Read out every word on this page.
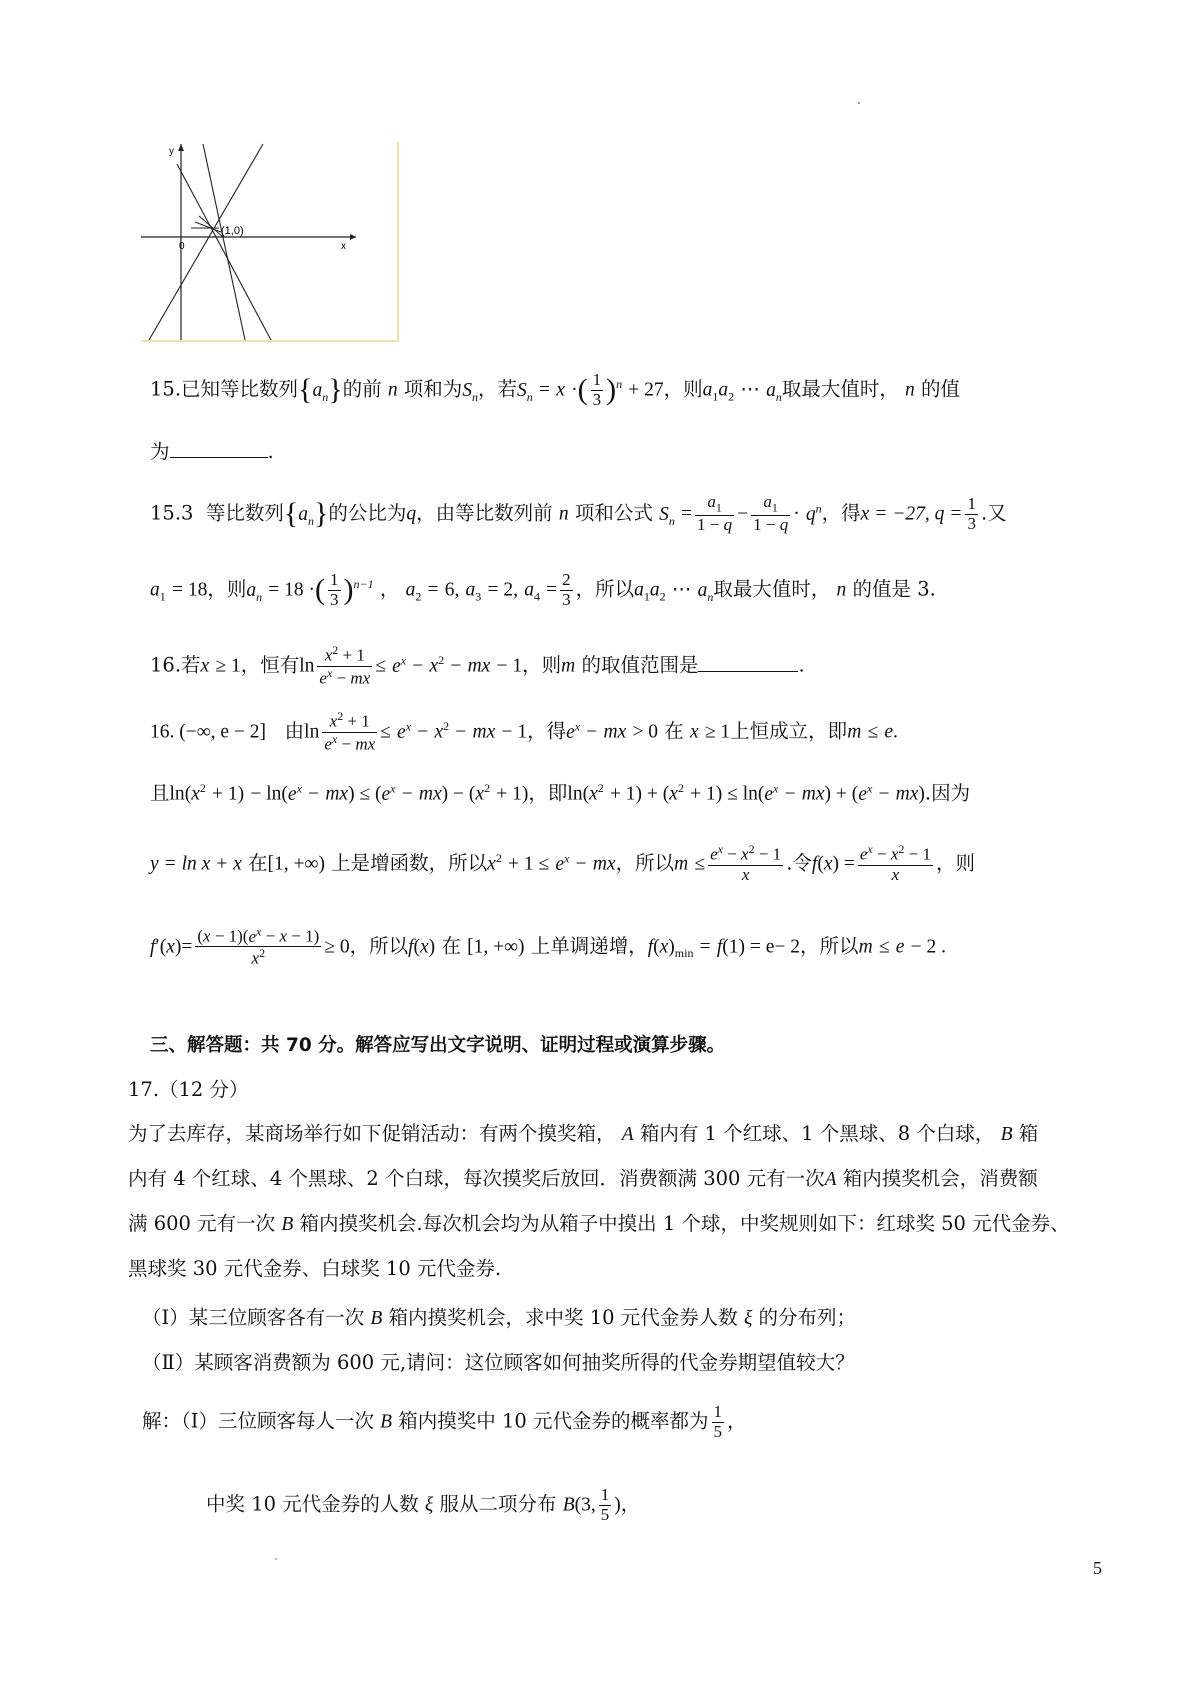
y
x
0
(1,0)
15.已知等比数列$\{a_n\}$的前 n 项和为$S_n$，若$S_n = x$ ·( $\frac{1}{3} )^n + 27$，则$a_1a_2$ ⋯ $a_n$取最大值时， n 的值
为	.
15.3 等比数列$\{a_n\}$的公比为q，由等比数列前 n 项和公式 $S_n = \frac{a_1}{1 - q} - \frac{a_1}{1 - q} \cdot q^n$，得x = −27, $q = \frac{1}{3}$ .又
$a_1 = 18$，则$a_n = 18$ ·( $\frac{1}{3} )^{n-1}$ ， $a_2 = 6$, $a_3 = 2$, $a_4 = \frac{2}{3}$ ，所以$a_1a_2$ ⋯ $a_n$取最大值时， n 的值是 3.
16.若x ≥ 1，恒有$\ln \frac{x^2 + 1}{e^x - mx} \le e^x - x^2$ − mx − 1，则m 的取值范围是	.
16. (−∞, e − 2] 由$\ln \frac{x^2 + 1}{e^x - mx} \le e^x - x^2$ − mx − 1，得$e^x$ − mx > 0 在 x ≥ 1上恒成立，即m ≤ e.
且$\ln(x^2 + 1) - \ln(e^x - mx) \le (e^x - mx) - (x^2 + 1)$，即$\ln(x^2 + 1) + (x^2 + 1) \le \ln(e^x - mx) + (e^x - mx)$.因为
y = ln x + x 在[1, +∞) 上是增函数，所以$x^2 + 1 \le e^x$ − mx，所以$m \le \frac{e^x - x^2 - 1}{x}$ .令$f(x) = \frac{e^x - x^2 - 1}{x}$ ，则
$f'(x)= \frac{(x - 1)(e^x - x - 1)}{x^2} \ge 0$，所以f(x) 在 [1, +∞) 上单调递增，$f(x)_{min} = f(1) = e- 2$，所以m ≤ e − 2 .
三、解答题：共 70 分。解答应写出文字说明、证明过程或演算步骤。
17.（12 分）
为了去库存，某商场举行如下促销活动：有两个摸奖箱， A 箱内有 1 个红球、1 个黑球、8 个白球， B 箱
内有 4 个红球、4 个黑球、2 个白球，每次摸奖后放回．消费额满 300 元有一次A 箱内摸奖机会，消费额
满 600 元有一次 B 箱内摸奖机会.每次机会均为从箱子中摸出 1 个球，中奖规则如下：红球奖 50 元代金券、
黑球奖 30 元代金券、白球奖 10 元代金券.
（Ⅰ）某三位顾客各有一次 B 箱内摸奖机会，求中奖 10 元代金券人数 ξ 的分布列；
（Ⅱ）某顾客消费额为 600 元,请问：这位顾客如何抽奖所得的代金券期望值较大？
解：（Ⅰ）三位顾客每人一次 B 箱内摸奖中 10 元代金券的概率都为 $\frac{1}{5}$ ，
中奖 10 元代金券的人数 ξ 服从二项分布 B(3, $\frac{1}{5}$ )，
5
